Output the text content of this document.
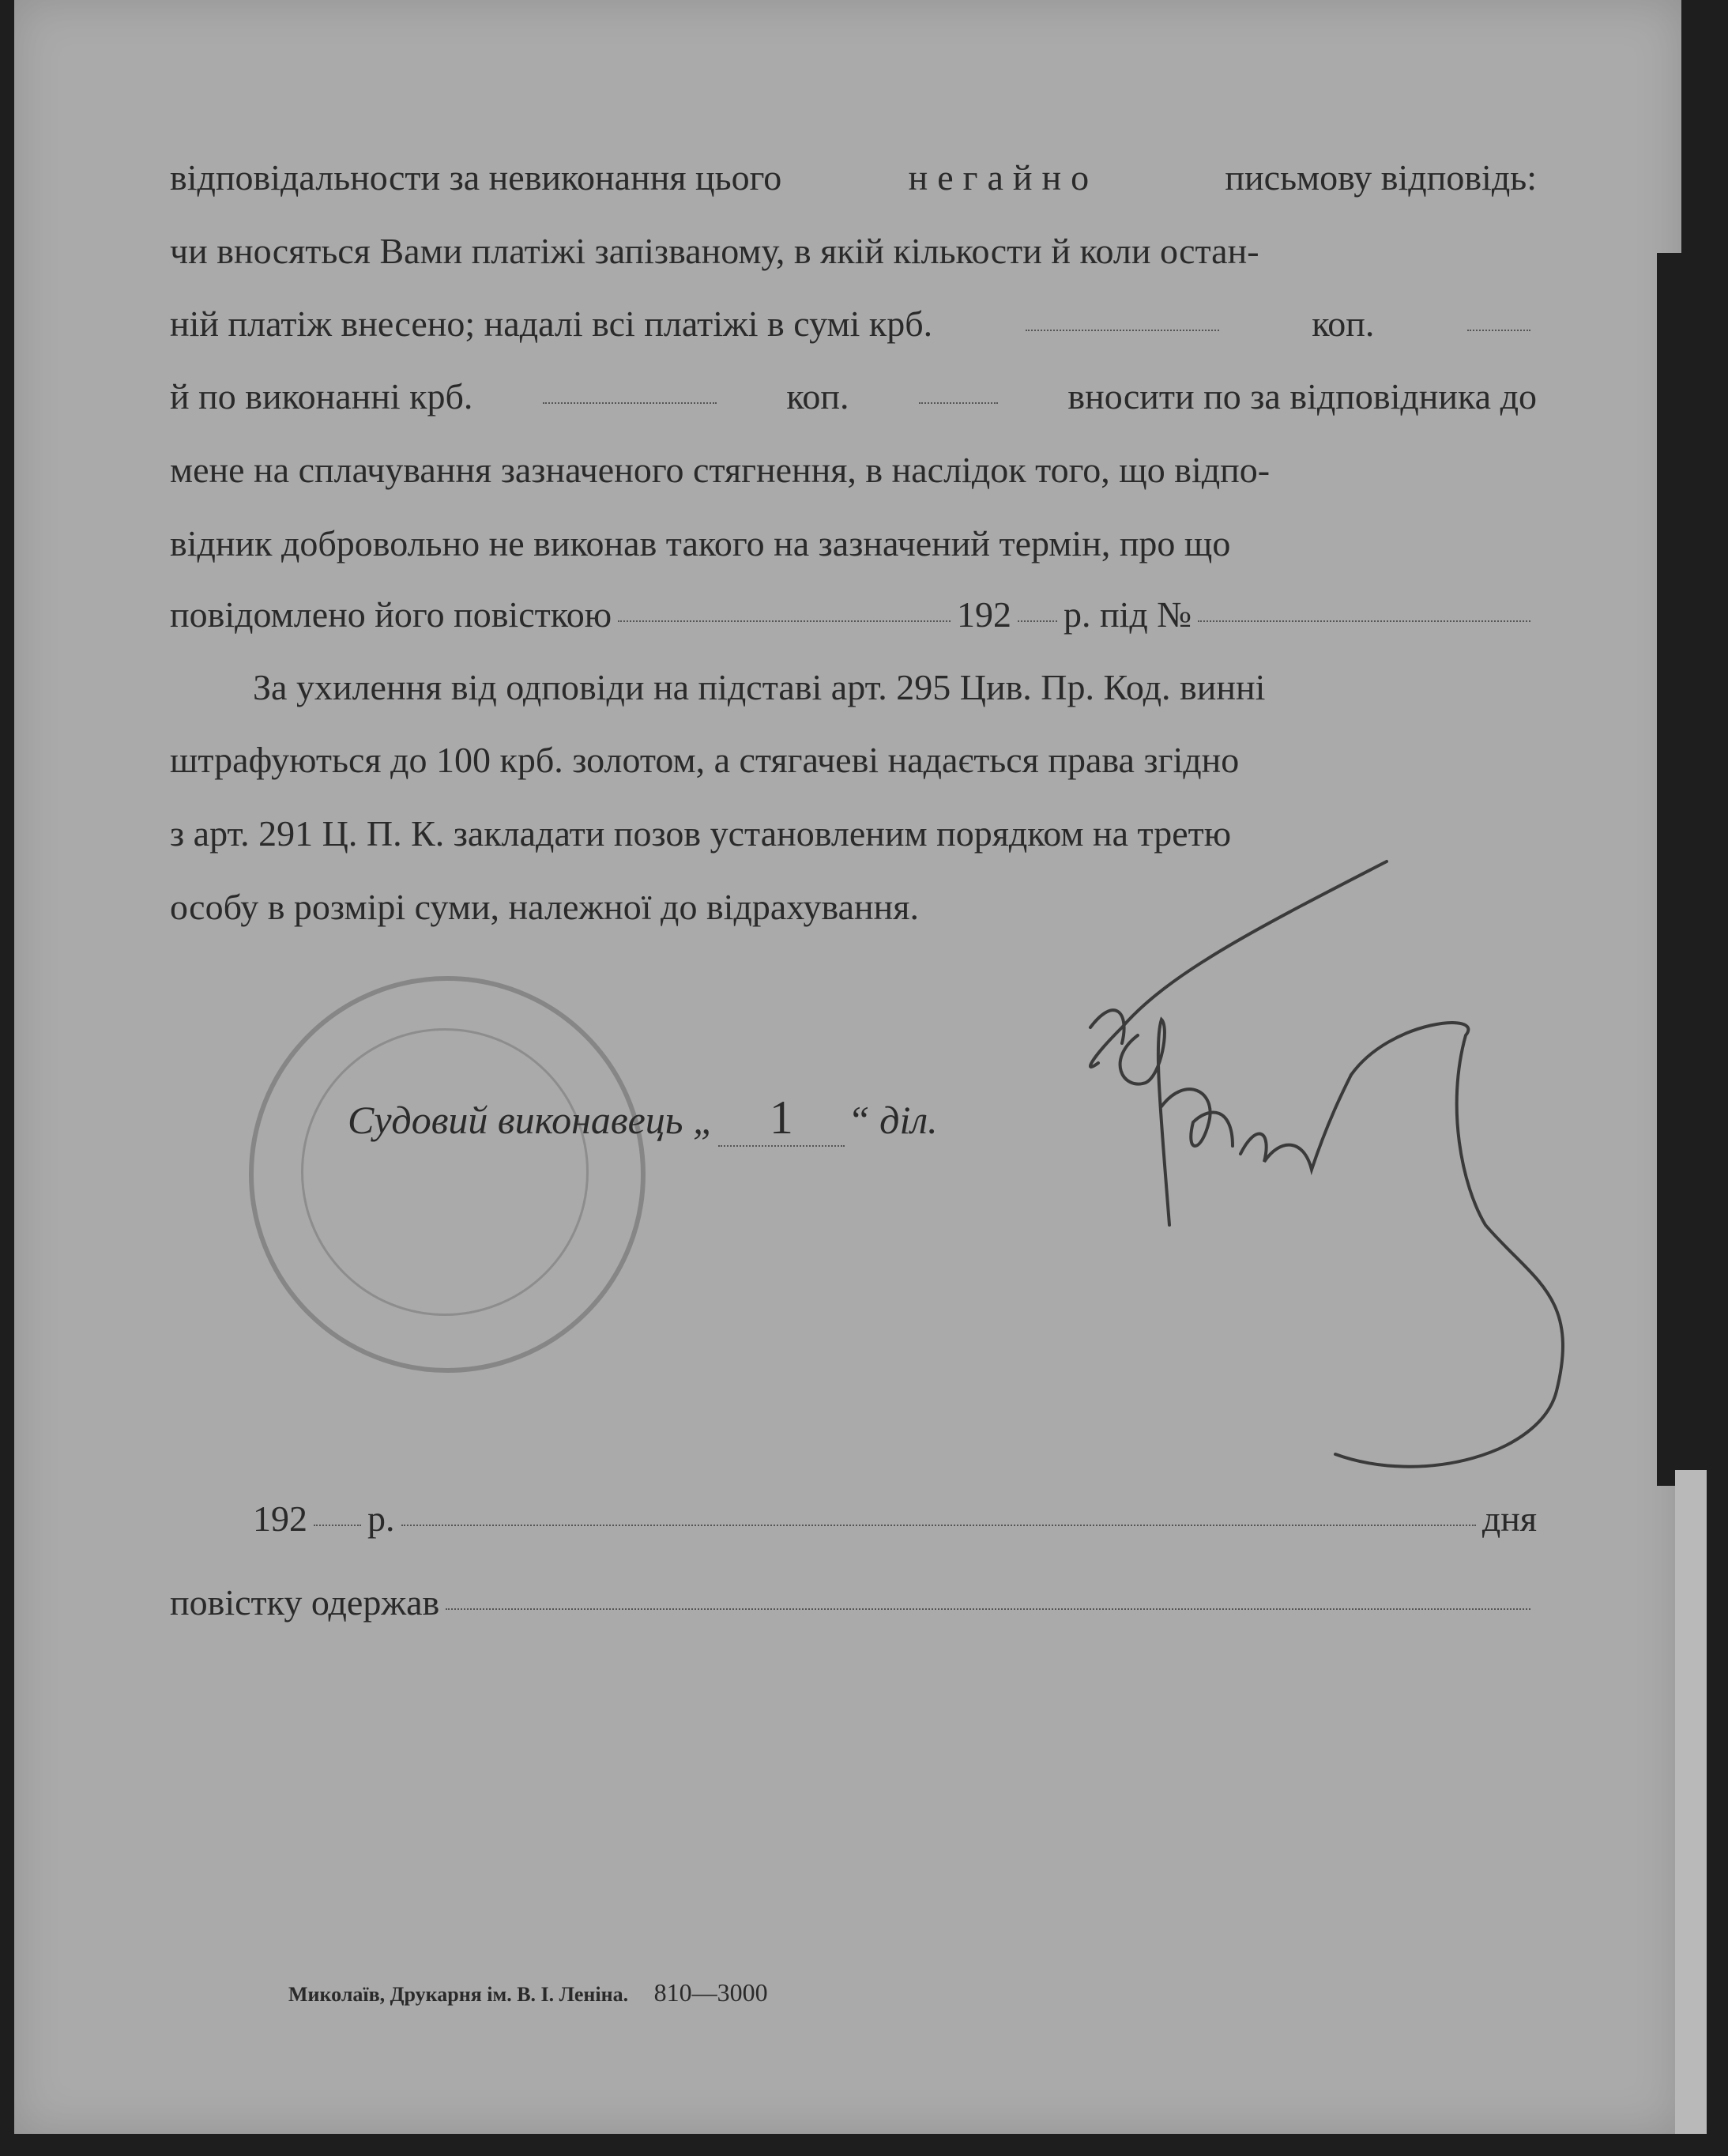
відповідальности за невиконання цього	негайно	письмову відповідь:
чи вносяться Вами платіжі запізваному, в якій кількости й коли остан-
ній платіж внесено; надалі всі платіжі в сумі крб.	коп.
й по виконанні крб.	коп.	вносити по за відповідника до
мене на сплачування зазначеного стягнення, в наслідок того, що відпо-
відник добровольно не виконав такого на зазначений термін, про що
повідомлено його повісткою	192 р. під №
За ухилення від одповіди на підставі арт. 295 Цив. Пр. Код. винні
штрафуються до 100 крб. золотом, а стягачеві надається права згідно
з арт. 291 Ц. П. К. закладати позов установленим порядком на третю
особу в розмірі суми, належної до відрахування.
Судовий виконавець „	1	“ діл.
192 р.	дня
повістку одержав
Миколаїв, Друкарня ім. В. І. Леніна. 810—3000
